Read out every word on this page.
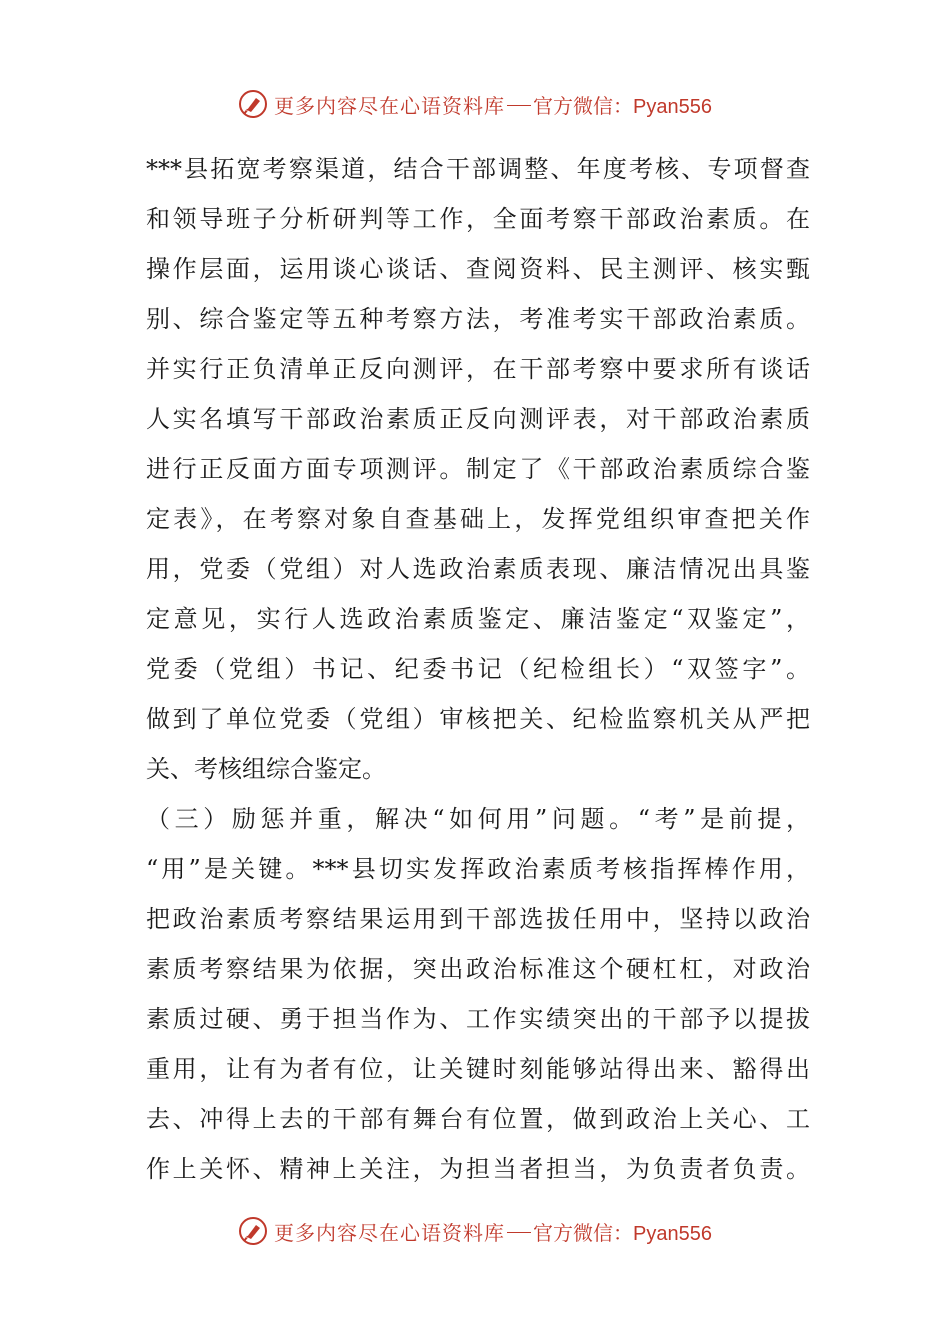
更多内容尽在心语资料库 官方微信：Pyan556
***县拓宽考察渠道，结合干部调整、年度考核、专项督查
和领导班子分析研判等工作，全面考察干部政治素质。在
操作层面，运用谈心谈话、查阅资料、民主测评、核实甄
别、综合鉴定等五种考察方法，考准考实干部政治素质。
并实行正负清单正反向测评，在干部考察中要求所有谈话
人实名填写干部政治素质正反向测评表，对干部政治素质
进行正反面方面专项测评。制定了《干部政治素质综合鉴
定表》，在考察对象自查基础上，发挥党组织审查把关作
用，党委（党组）对人选政治素质表现、廉洁情况出具鉴
定意见，实行人选政治素质鉴定、廉洁鉴定“双鉴定”，
党委（党组）书记、纪委书记（纪检组长）“双签字”。
做到了单位党委（党组）审核把关、纪检监察机关从严把
关、考核组综合鉴定。
（三）励惩并重，解决“如何用”问题。“考”是前提，
“用”是关键。***县切实发挥政治素质考核指挥棒作用，
把政治素质考察结果运用到干部选拔任用中，坚持以政治
素质考察结果为依据，突出政治标准这个硬杠杠，对政治
素质过硬、勇于担当作为、工作实绩突出的干部予以提拔
重用，让有为者有位，让关键时刻能够站得出来、豁得出
去、冲得上去的干部有舞台有位置，做到政治上关心、工
作上关怀、精神上关注，为担当者担当，为负责者负责。
更多内容尽在心语资料库 官方微信：Pyan556
